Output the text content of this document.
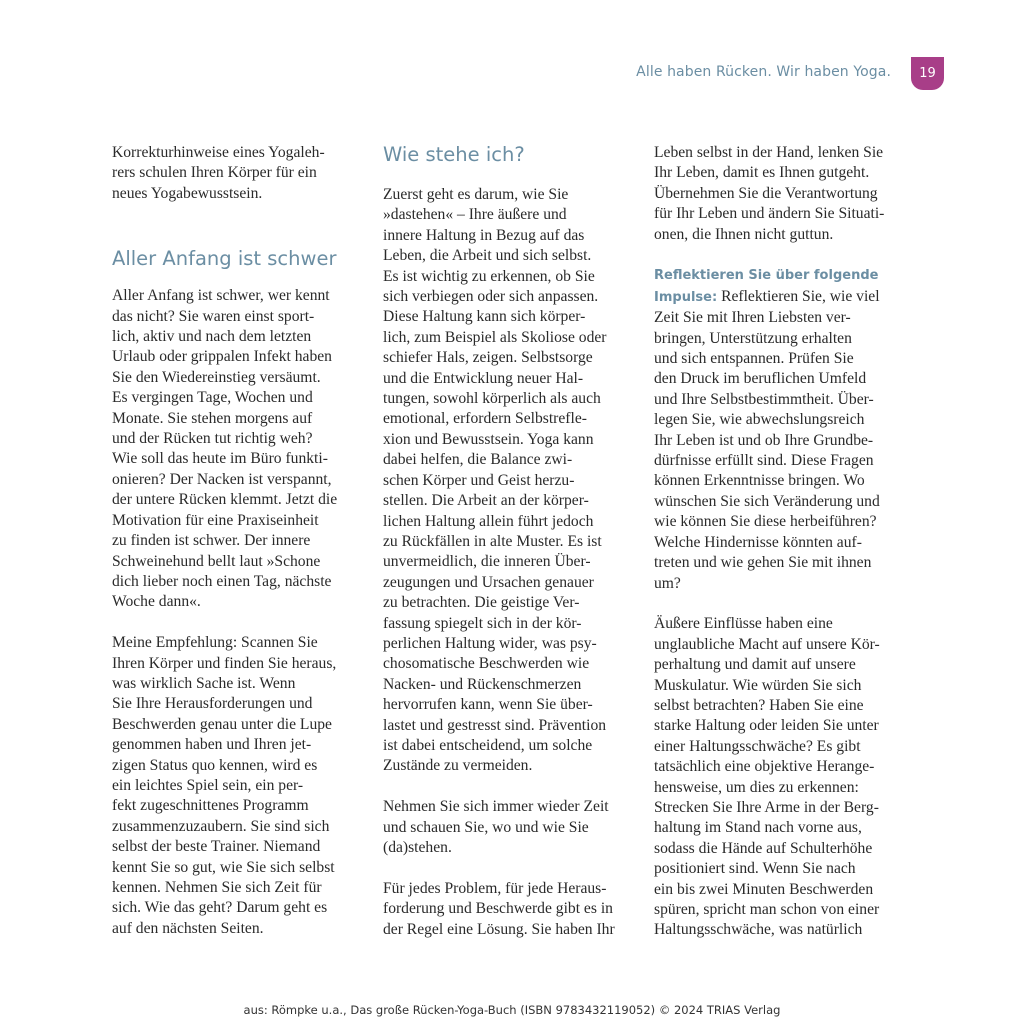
Alle haben Rücken. Wir haben Yoga.	19

Korrekturhinweise eines Yogaleh-
rers schulen Ihren Körper für ein
neues Yogabewusstsein.

Aller Anfang ist schwer

Aller Anfang ist schwer, wer kennt
das nicht? Sie waren einst sport-
lich, aktiv und nach dem letzten
Urlaub oder grippalen Infekt haben
Sie den Wiedereinstieg versäumt.
Es vergingen Tage, Wochen und
Monate. Sie stehen morgens auf
und der Rücken tut richtig weh?
Wie soll das heute im Büro funkti-
onieren? Der Nacken ist verspannt,
der untere Rücken klemmt. Jetzt die
Motivation für eine Praxiseinheit
zu finden ist schwer. Der innere
Schweinehund bellt laut »Schone
dich lieber noch einen Tag, nächste
Woche dann«.

Meine Empfehlung: Scannen Sie
Ihren Körper und finden Sie heraus,
was wirklich Sache ist. Wenn
Sie Ihre Herausforderungen und
Beschwerden genau unter die Lupe
genommen haben und Ihren jet-
zigen Status quo kennen, wird es
ein leichtes Spiel sein, ein per-
fekt zugeschnittenes Programm
zusammenzuzaubern. Sie sind sich
selbst der beste Trainer. Niemand
kennt Sie so gut, wie Sie sich selbst
kennen. Nehmen Sie sich Zeit für
sich. Wie das geht? Darum geht es
auf den nächsten Seiten.

Wie stehe ich?

Zuerst geht es darum, wie Sie
»dastehen« – Ihre äußere und
innere Haltung in Bezug auf das
Leben, die Arbeit und sich selbst.
Es ist wichtig zu erkennen, ob Sie
sich verbiegen oder sich anpassen.
Diese Haltung kann sich körper-
lich, zum Beispiel als Skoliose oder
schiefer Hals, zeigen. Selbstsorge
und die Entwicklung neuer Hal-
tungen, sowohl körperlich als auch
emotional, erfordern Selbstrefle-
xion und Bewusstsein. Yoga kann
dabei helfen, die Balance zwi-
schen Körper und Geist herzu-
stellen. Die Arbeit an der körper-
lichen Haltung allein führt jedoch
zu Rückfällen in alte Muster. Es ist
unvermeidlich, die inneren Über-
zeugungen und Ursachen genauer
zu betrachten. Die geistige Ver-
fassung spiegelt sich in der kör-
perlichen Haltung wider, was psy-
chosomatische Beschwerden wie
Nacken- und Rückenschmerzen
hervorrufen kann, wenn Sie über-
lastet und gestresst sind. Prävention
ist dabei entscheidend, um solche
Zustände zu vermeiden.

Nehmen Sie sich immer wieder Zeit
und schauen Sie, wo und wie Sie
(da)stehen.

Für jedes Problem, für jede Heraus-
forderung und Beschwerde gibt es in
der Regel eine Lösung. Sie haben Ihr

Leben selbst in der Hand, lenken Sie
Ihr Leben, damit es Ihnen gutgeht.
Übernehmen Sie die Verantwortung
für Ihr Leben und ändern Sie Situati-
onen, die Ihnen nicht guttun.

Reflektieren Sie über folgende
Impulse: Reflektieren Sie, wie viel
Zeit Sie mit Ihren Liebsten ver-
bringen, Unterstützung erhalten
und sich entspannen. Prüfen Sie
den Druck im beruflichen Umfeld
und Ihre Selbstbestimmtheit. Über-
legen Sie, wie abwechslungsreich
Ihr Leben ist und ob Ihre Grundbe-
dürfnisse erfüllt sind. Diese Fragen
können Erkenntnisse bringen. Wo
wünschen Sie sich Veränderung und
wie können Sie diese herbeiführen?
Welche Hindernisse könnten auf-
treten und wie gehen Sie mit ihnen
um?

Äußere Einflüsse haben eine
unglaubliche Macht auf unsere Kör-
perhaltung und damit auf unsere
Muskulatur. Wie würden Sie sich
selbst betrachten? Haben Sie eine
starke Haltung oder leiden Sie unter
einer Haltungsschwäche? Es gibt
tatsächlich eine objektive Herange-
hensweise, um dies zu erkennen:
Strecken Sie Ihre Arme in der Berg-
haltung im Stand nach vorne aus,
sodass die Hände auf Schulterhöhe
positioniert sind. Wenn Sie nach
ein bis zwei Minuten Beschwerden
spüren, spricht man schon von einer
Haltungsschwäche, was natürlich

aus: Römpke u.a., Das große Rücken-Yoga-Buch (ISBN 9783432119052) © 2024 TRIAS Verlag
